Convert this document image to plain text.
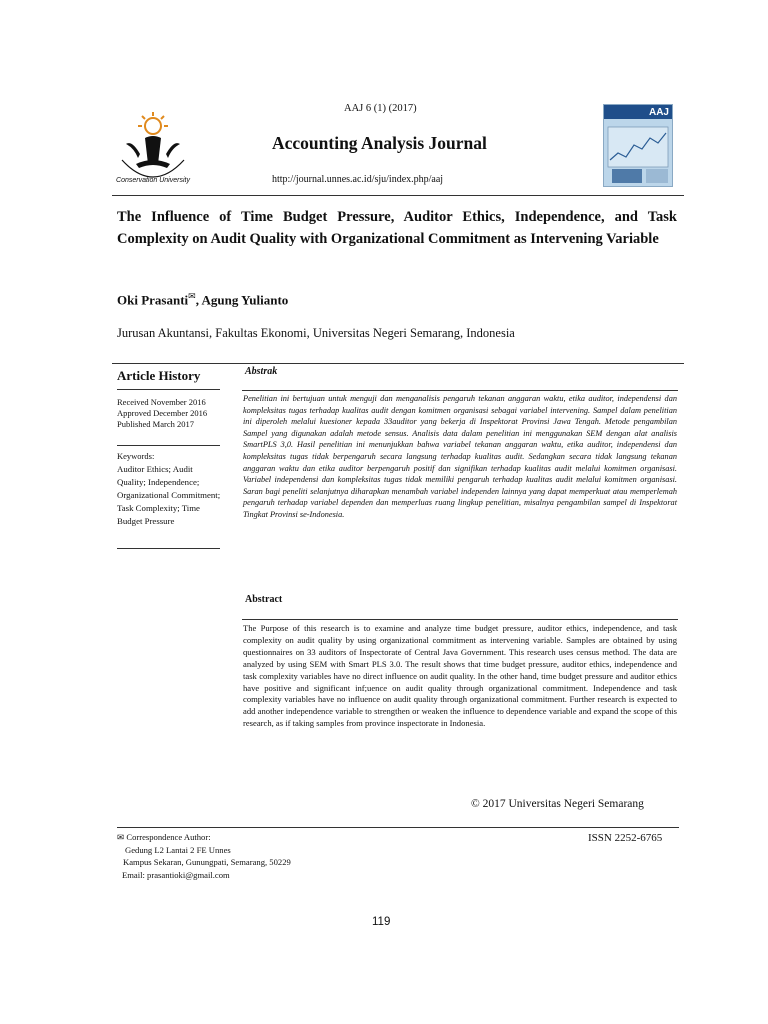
Conservation University
AAJ 6 (1) (2017)
Accounting Analysis Journal
http://journal.unnes.ac.id/sju/index.php/aaj
AAJ
The Influence of Time Budget Pressure, Auditor Ethics, Independence, and Task Complexity on Audit Quality with Organizational Commitment as Intervening Variable
Oki Prasanti✉, Agung Yulianto
Jurusan Akuntansi, Fakultas Ekonomi, Universitas Negeri Semarang, Indonesia
Article History
Received November 2016
Approved December 2016
Published March 2017
Keywords:
Auditor Ethics; Audit Quality; Independence; Organizational Commitment; Task Complexity; Time Budget Pressure
Abstrak
Penelitian ini bertujuan untuk menguji dan menganalisis pengaruh tekanan anggaran waktu, etika auditor, independensi dan kompleksitas tugas terhadap kualitas audit dengan komitmen organisasi sebagai variabel intervening. Sampel dalam penelitian ini diperoleh melalui kuesioner kepada 33auditor yang bekerja di Inspektorat Provinsi Jawa Tengah. Metode pengambilan Sampel yang digunakan adalah metode sensus. Analisis data dalam penelitian ini menggunakan SEM dengan alat analisis SmartPLS 3,0. Hasil penelitian ini menunjukkan bahwa variabel tekanan anggaran waktu, etika auditor, independensi dan kompleksitas tugas tidak berpengaruh secara langsung terhadap kualitas audit. Sedangkan secara tidak langsung tekanan anggaran waktu dan etika auditor berpengaruh positif dan signifikan terhadap kualitas audit melalui komitmen organisasi. Variabel independensi dan kompleksitas tugas tidak memiliki pengaruh terhadap kualitas audit melalui komitmen organisasi. Saran bagi peneliti selanjutnya diharapkan menambah variabel independen lainnya yang dapat memperkuat atau memperlemah pengaruh terhadap variabel dependen dan memperluas ruang lingkup penelitian, misalnya pengambilan sampel di Inspektorat Tingkat Provinsi se-Indonesia.
Abstract
The Purpose of this research is to examine and analyze time budget pressure, auditor ethics, independence, and task complexity on audit quality by using organizational commitment as intervening variable. Samples are obtained by using questionnaires on 33 auditors of Inspectorate of Central Java Government. This research uses census method. The data are analyzed by using SEM with Smart PLS 3.0. The result shows that time budget pressure, auditor ethics, independence and task complexity variables have no direct influence on audit quality. In the other hand, time budget pressure and auditor ethics have positive and significant inf;uence on audit quality through organizational commitment. Independence and task complexity variables have no influence on audit quality through organizational commitment. Further research is expected to add another independence variable to strengthen or weaken the influence to dependence variable and expand the scope of this research, as if taking samples from province inspectorate in Indonesia.
© 2017 Universitas Negeri Semarang
✉ Correspondence Author:
Gedung L2 Lantai 2 FE Unnes
Kampus Sekaran, Gunungpati, Semarang, 50229
Email: prasantioki@gmail.com
ISSN 2252-6765
119
